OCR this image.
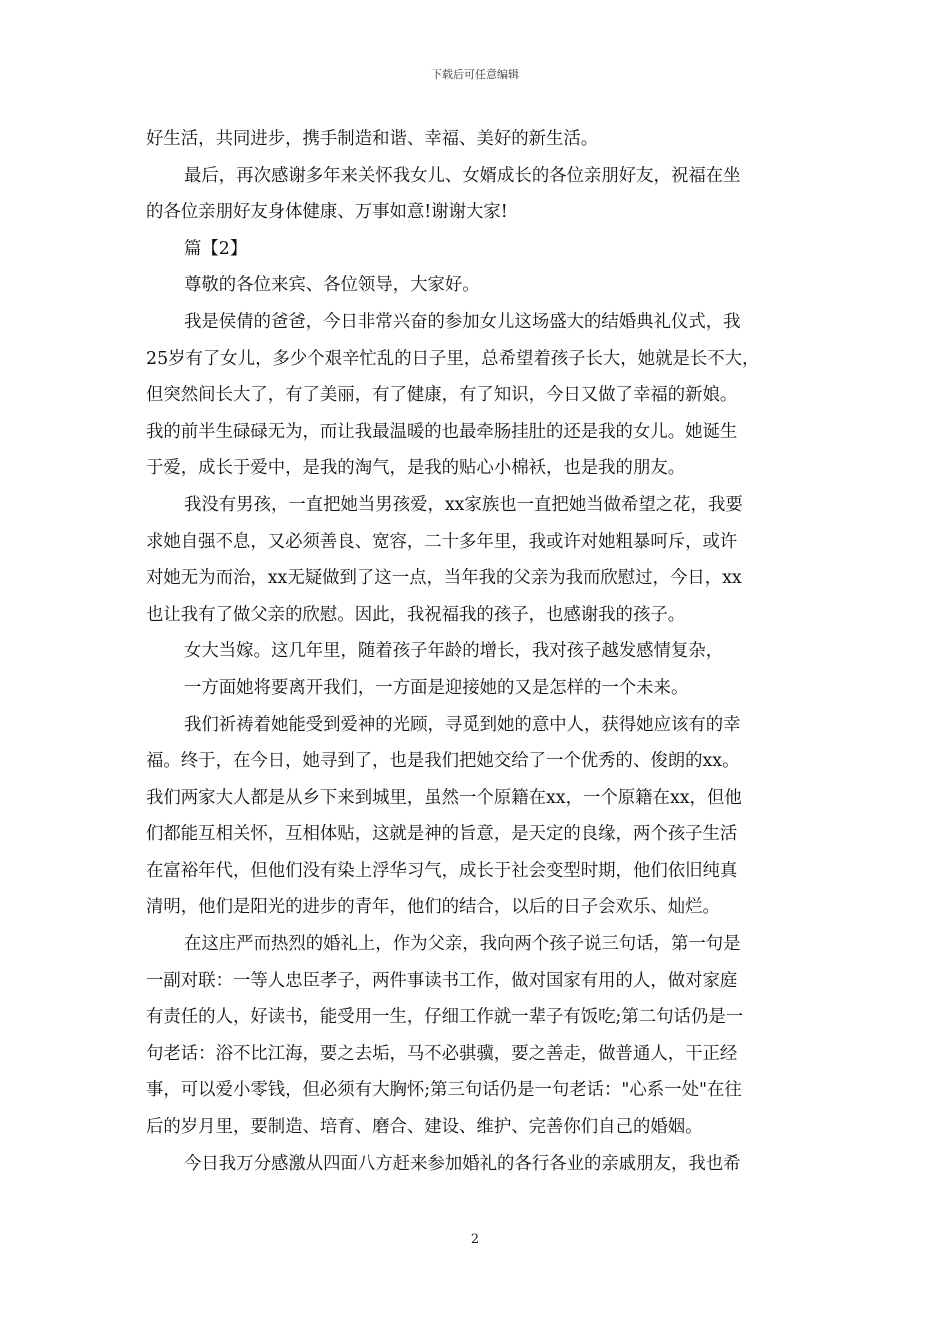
下载后可任意编辑
好生活，共同进步，携手制造和谐、幸福、美好的新生活。
最后，再次感谢多年来关怀我女儿、女婿成长的各位亲朋好友，祝福在坐
的各位亲朋好友身体健康、万事如意!谢谢大家!
篇【2】
尊敬的各位来宾、各位领导，大家好。
我是侯倩的爸爸，今日非常兴奋的参加女儿这场盛大的结婚典礼仪式，我
25岁有了女儿，多少个艰辛忙乱的日子里，总希望着孩子长大，她就是长不大，
但突然间长大了，有了美丽，有了健康，有了知识，今日又做了幸福的新娘。
我的前半生碌碌无为，而让我最温暖的也最牵肠挂肚的还是我的女儿。她诞生
于爱，成长于爱中，是我的淘气，是我的贴心小棉袄，也是我的朋友。
我没有男孩，一直把她当男孩爱，xx家族也一直把她当做希望之花，我要
求她自强不息，又必须善良、宽容，二十多年里，我或许对她粗暴呵斥，或许
对她无为而治，xx无疑做到了这一点，当年我的父亲为我而欣慰过，今日，xx
也让我有了做父亲的欣慰。因此，我祝福我的孩子，也感谢我的孩子。
女大当嫁。这几年里，随着孩子年龄的增长，我对孩子越发感情复杂，
一方面她将要离开我们，一方面是迎接她的又是怎样的一个未来。
我们祈祷着她能受到爱神的光顾，寻觅到她的意中人，获得她应该有的幸
福。终于，在今日，她寻到了，也是我们把她交给了一个优秀的、俊朗的xx。
我们两家大人都是从乡下来到城里，虽然一个原籍在xx，一个原籍在xx，但他
们都能互相关怀，互相体贴，这就是神的旨意，是天定的良缘，两个孩子生活
在富裕年代，但他们没有染上浮华习气，成长于社会变型时期，他们依旧纯真
清明，他们是阳光的进步的青年，他们的结合，以后的日子会欢乐、灿烂。
在这庄严而热烈的婚礼上，作为父亲，我向两个孩子说三句话，第一句是
一副对联：一等人忠臣孝子，两件事读书工作，做对国家有用的人，做对家庭
有责任的人，好读书，能受用一生，仔细工作就一辈子有饭吃;第二句话仍是一
句老话：浴不比江海，要之去垢，马不必骐骥，要之善走，做普通人，干正经
事，可以爱小零钱，但必须有大胸怀;第三句话仍是一句老话："心系一处"在往
后的岁月里，要制造、培育、磨合、建设、维护、完善你们自己的婚姻。
今日我万分感激从四面八方赶来参加婚礼的各行各业的亲戚朋友，我也希
2
